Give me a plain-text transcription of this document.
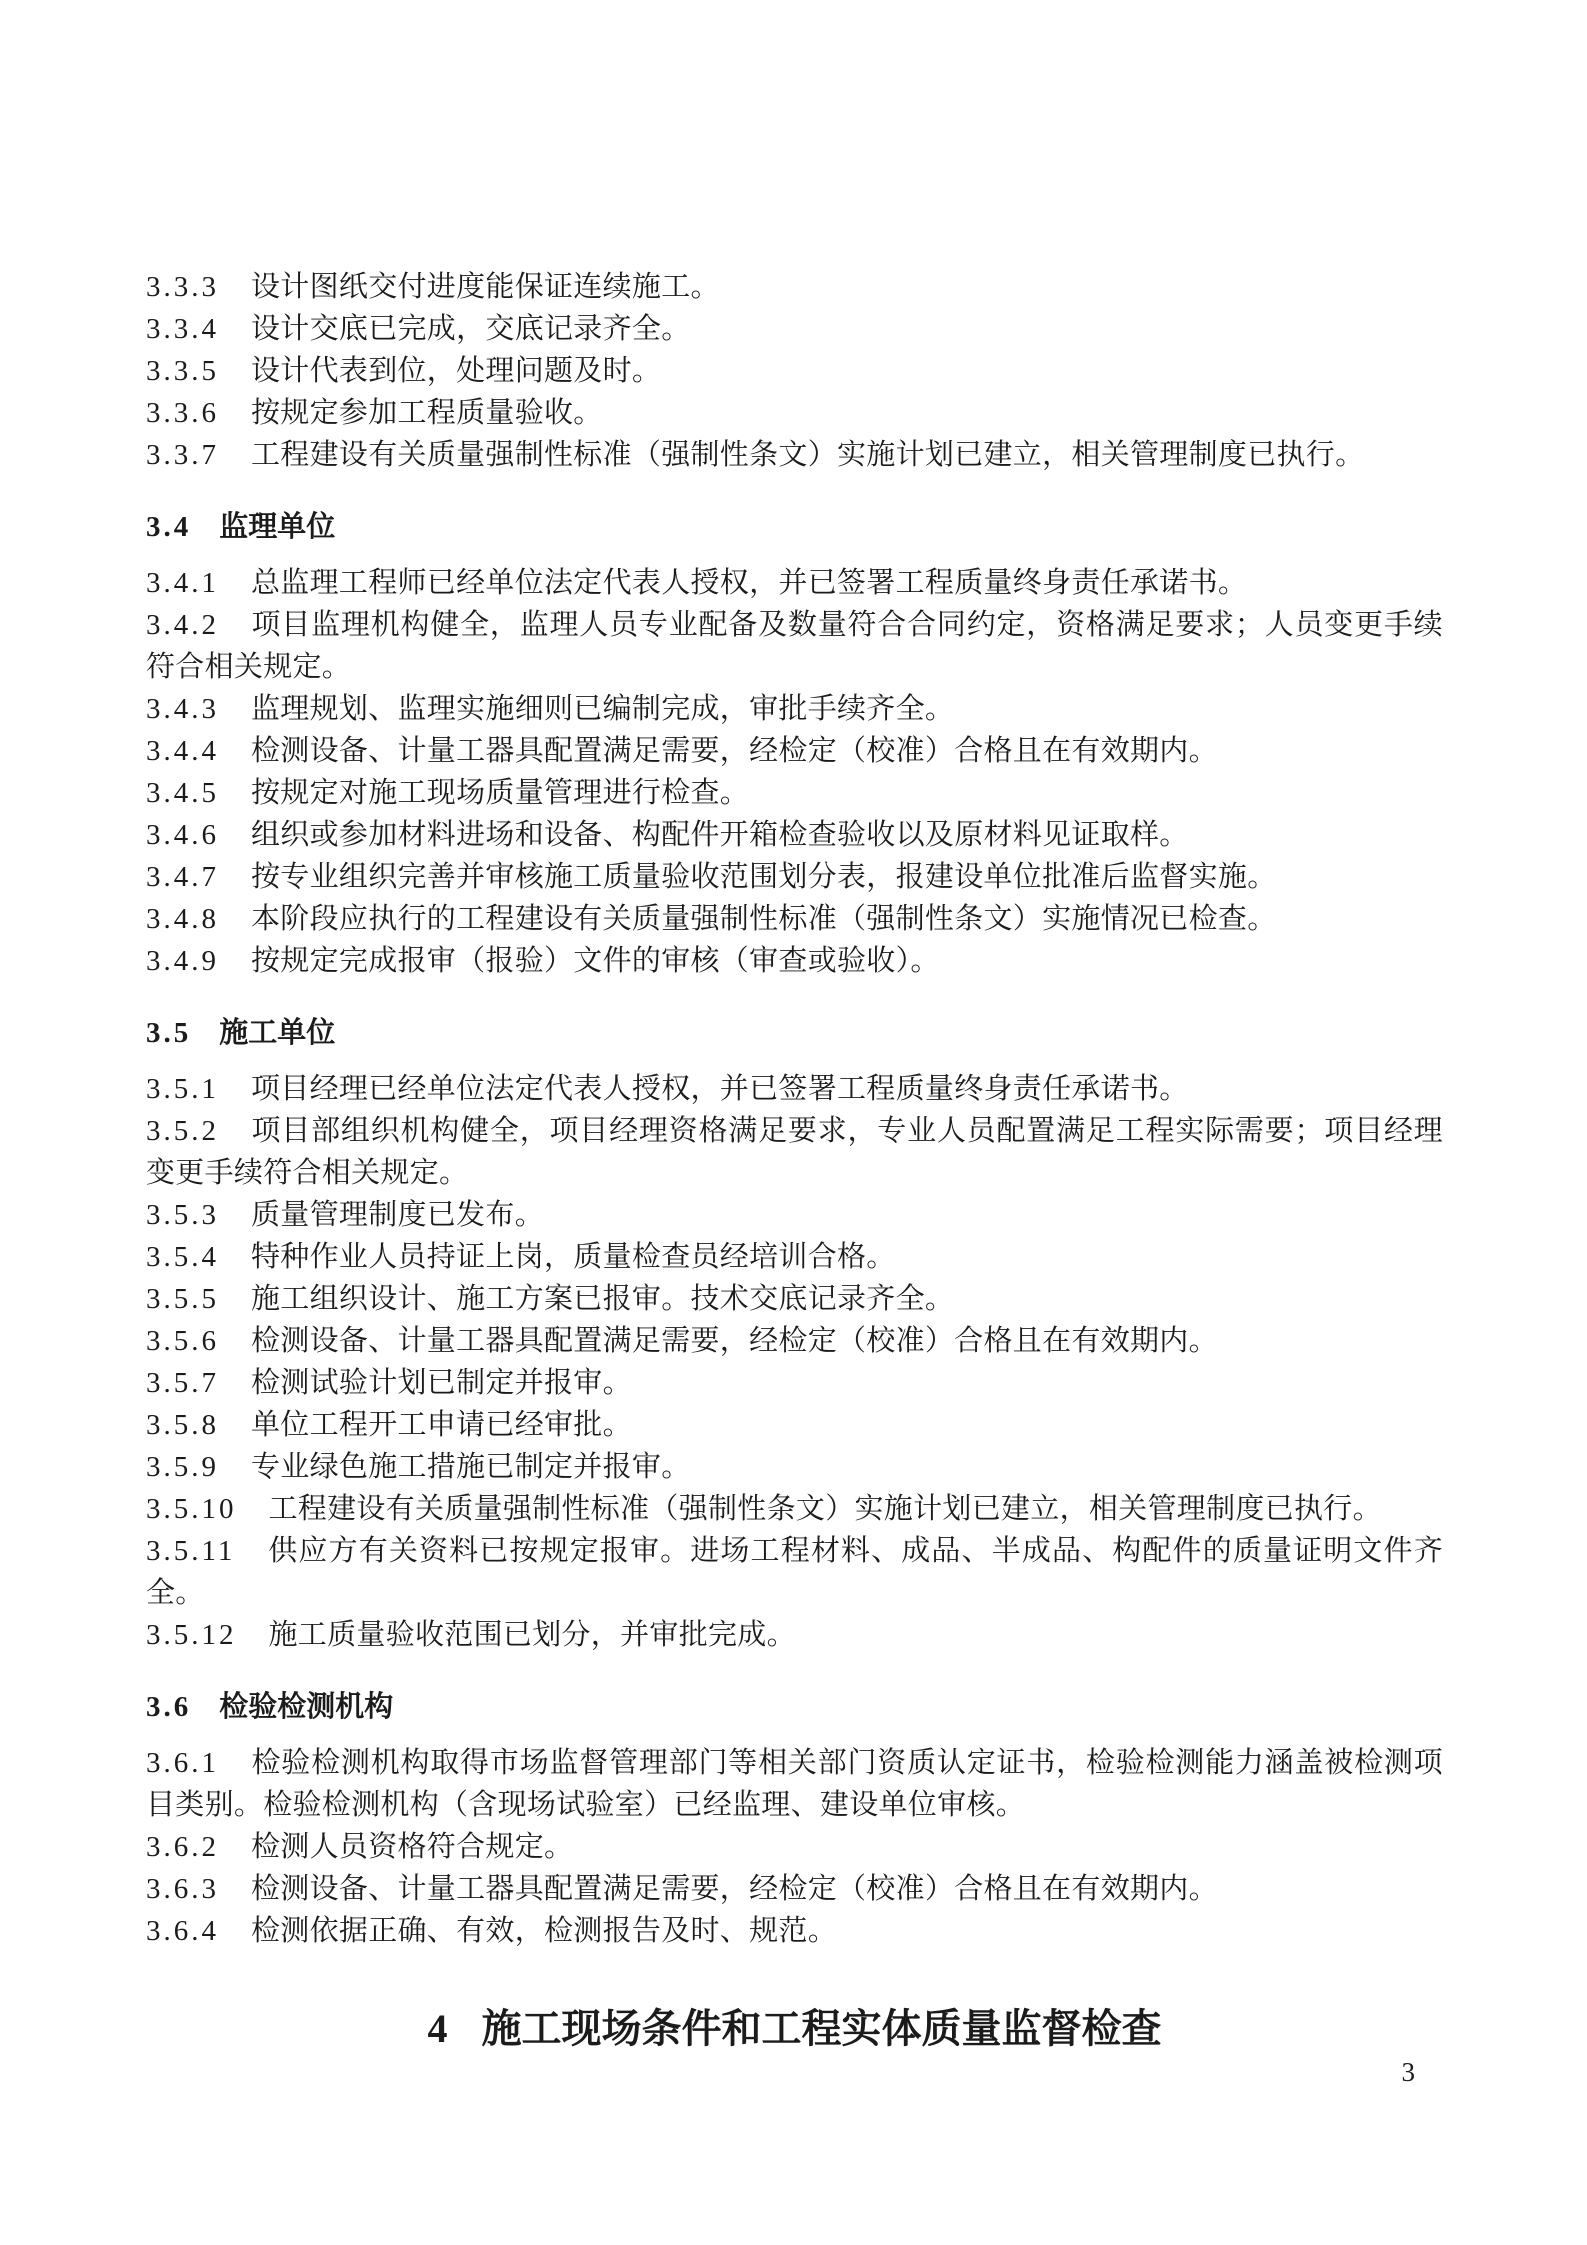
3.3.3 设计图纸交付进度能保证连续施工。

3.3.4 设计交底已完成，交底记录齐全。

3.3.5 设计代表到位，处理问题及时。

3.3.6 按规定参加工程质量验收。

3.3.7 工程建设有关质量强制性标准（强制性条文）实施计划已建立，相关管理制度已执行。

3.4 监理单位

3.4.1 总监理工程师已经单位法定代表人授权，并已签署工程质量终身责任承诺书。

3.4.2 项目监理机构健全，监理人员专业配备及数量符合合同约定，资格满足要求；人员变更手续符合相关规定。

3.4.3 监理规划、监理实施细则已编制完成，审批手续齐全。

3.4.4 检测设备、计量工器具配置满足需要，经检定（校准）合格且在有效期内。

3.4.5 按规定对施工现场质量管理进行检查。

3.4.6 组织或参加材料进场和设备、构配件开箱检查验收以及原材料见证取样。

3.4.7 按专业组织完善并审核施工质量验收范围划分表，报建设单位批准后监督实施。

3.4.8 本阶段应执行的工程建设有关质量强制性标准（强制性条文）实施情况已检查。

3.4.9 按规定完成报审（报验）文件的审核（审查或验收）。

3.5 施工单位

3.5.1 项目经理已经单位法定代表人授权，并已签署工程质量终身责任承诺书。

3.5.2 项目部组织机构健全，项目经理资格满足要求，专业人员配置满足工程实际需要；项目经理变更手续符合相关规定。

3.5.3 质量管理制度已发布。

3.5.4 特种作业人员持证上岗，质量检查员经培训合格。

3.5.5 施工组织设计、施工方案已报审。技术交底记录齐全。

3.5.6 检测设备、计量工器具配置满足需要，经检定（校准）合格且在有效期内。

3.5.7 检测试验计划已制定并报审。

3.5.8 单位工程开工申请已经审批。

3.5.9 专业绿色施工措施已制定并报审。

3.5.10 工程建设有关质量强制性标准（强制性条文）实施计划已建立，相关管理制度已执行。

3.5.11 供应方有关资料已按规定报审。进场工程材料、成品、半成品、构配件的质量证明文件齐全。

3.5.12 施工质量验收范围已划分，并审批完成。

3.6 检验检测机构

3.6.1 检验检测机构取得市场监督管理部门等相关部门资质认定证书，检验检测能力涵盖被检测项目类别。检验检测机构（含现场试验室）已经监理、建设单位审核。

3.6.2 检测人员资格符合规定。

3.6.3 检测设备、计量工器具配置满足需要，经检定（校准）合格且在有效期内。

3.6.4 检测依据正确、有效，检测报告及时、规范。

4 施工现场条件和工程实体质量监督检查

3
